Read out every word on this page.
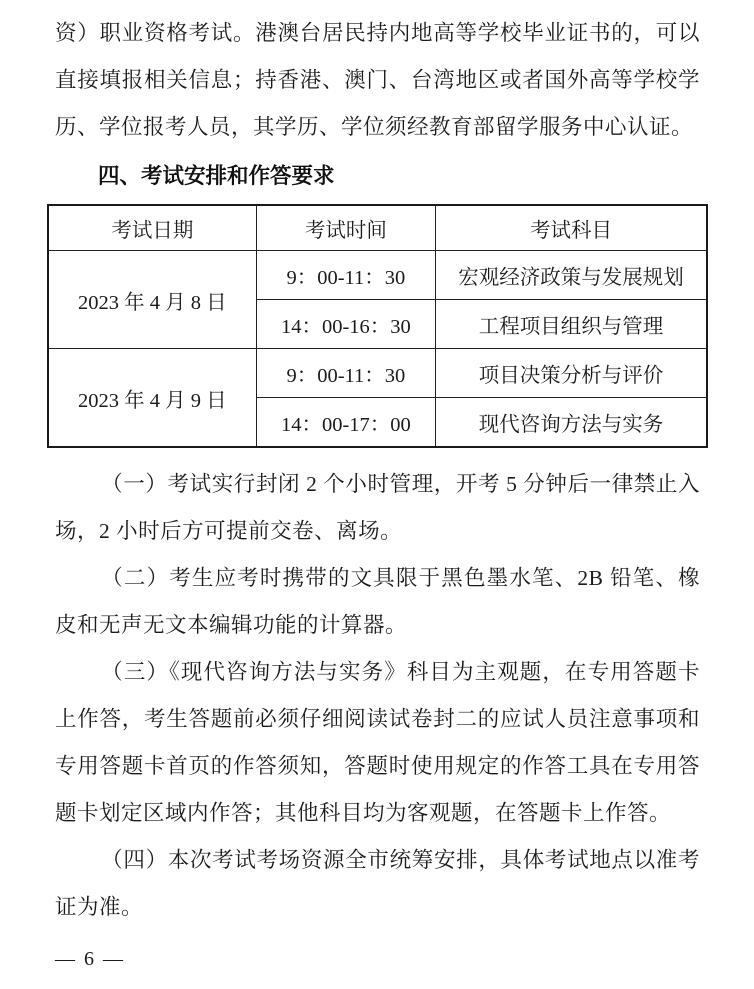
资）职业资格考试。港澳台居民持内地高等学校毕业证书的，可以直接填报相关信息；持香港、澳门、台湾地区或者国外高等学校学历、学位报考人员，其学历、学位须经教育部留学服务中心认证。

四、考试安排和作答要求
考试日期	考试时间	考试科目
2023 年 4 月 8 日	9：00-11：30	宏观经济政策与发展规划
	14：00-16：30	工程项目组织与管理
2023 年 4 月 9 日	9：00-11：30	项目决策分析与评价
	14：00-17：00	现代咨询方法与实务

（一）考试实行封闭 2 个小时管理，开考 5 分钟后一律禁止入场，2 小时后方可提前交卷、离场。

（二）考生应考时携带的文具限于黑色墨水笔、2B 铅笔、橡皮和无声无文本编辑功能的计算器。

（三）《现代咨询方法与实务》科目为主观题，在专用答题卡上作答，考生答题前必须仔细阅读试卷封二的应试人员注意事项和专用答题卡首页的作答须知，答题时使用规定的作答工具在专用答题卡划定区域内作答；其他科目均为客观题，在答题卡上作答。

（四）本次考试考场资源全市统筹安排，具体考试地点以准考证为准。

— 6 —
